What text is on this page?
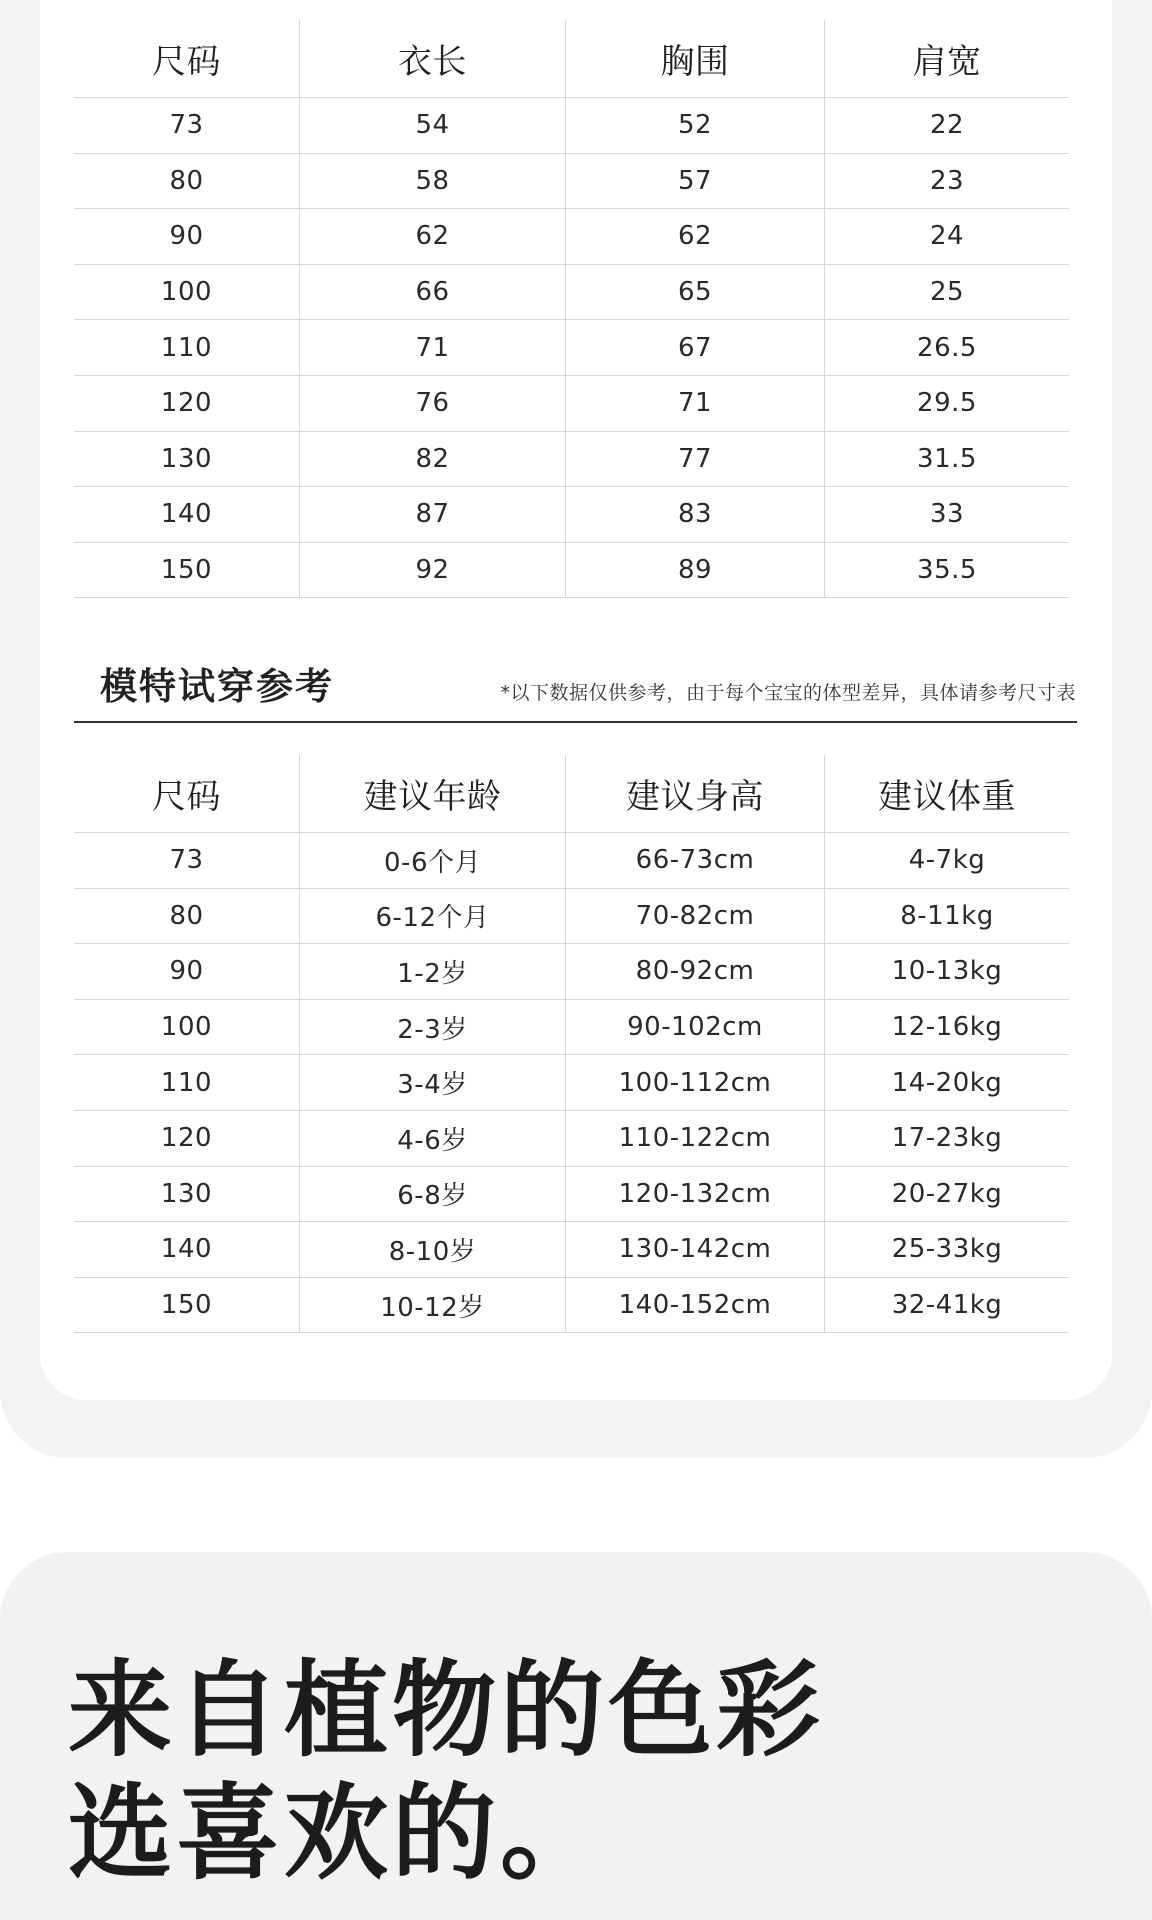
尺码	衣长	胸围	肩宽
73	54	52	22
80	58	57	23
90	62	62	24
100	66	65	25
110	71	67	26.5
120	76	71	29.5
130	82	77	31.5
140	87	83	33
150	92	89	35.5
模特试穿参考	*以下数据仅供参考，由于每个宝宝的体型差异，具体请参考尺寸表
尺码	建议年龄	建议身高	建议体重
73	0-6个月	66-73cm	4-7kg
80	6-12个月	70-82cm	8-11kg
90	1-2岁	80-92cm	10-13kg
100	2-3岁	90-102cm	12-16kg
110	3-4岁	100-112cm	14-20kg
120	4-6岁	110-122cm	17-23kg
130	6-8岁	120-132cm	20-27kg
140	8-10岁	130-142cm	25-33kg
150	10-12岁	140-152cm	32-41kg
来自植物的色彩
选喜欢的。
